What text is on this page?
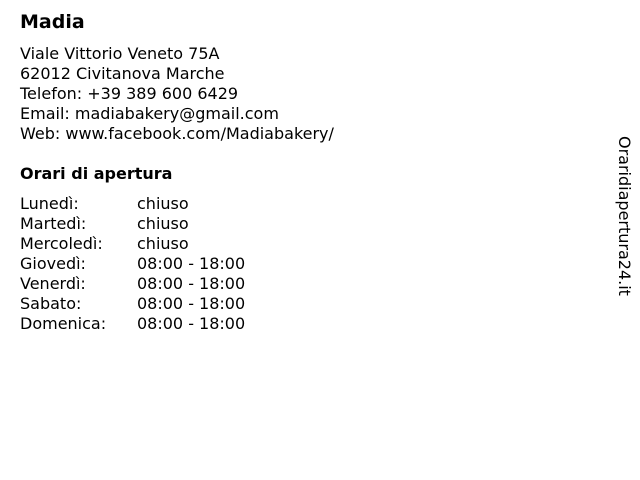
Madia
Viale Vittorio Veneto 75A
62012 Civitanova Marche
Telefon: +39 389 600 6429
Email: madiabakery@gmail.com
Web: www.facebook.com/Madiabakery/
Orari di apertura
Lunedì:	chiuso
Martedì:	chiuso
Mercoledì:	chiuso
Giovedì:	08:00 - 18:00
Venerdì:	08:00 - 18:00
Sabato:	08:00 - 18:00
Domenica:	08:00 - 18:00
Oraridiapertura24.it
